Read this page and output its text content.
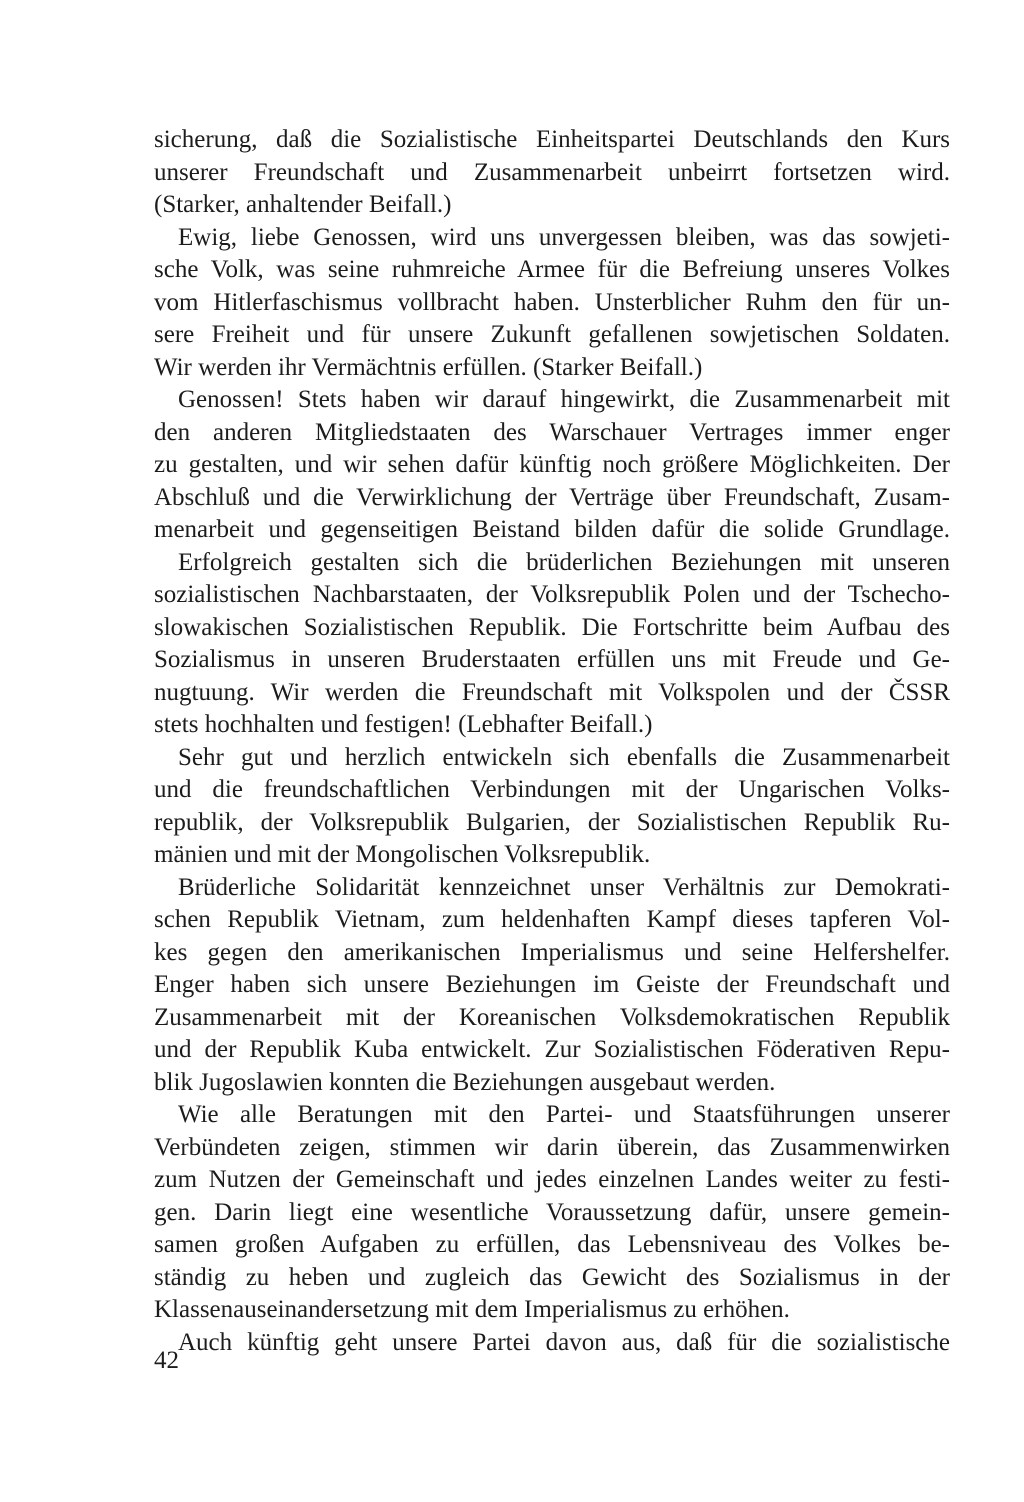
sicherung, daß die Sozialistische Einheitspartei Deutschlands den Kurs
unserer Freundschaft und Zusammenarbeit unbeirrt fortsetzen wird.
(Starker, anhaltender Beifall.)
Ewig, liebe Genossen, wird uns unvergessen bleiben, was das sowjeti-
sche Volk, was seine ruhmreiche Armee für die Befreiung unseres Volkes
vom Hitlerfaschismus vollbracht haben. Unsterblicher Ruhm den für un-
sere Freiheit und für unsere Zukunft gefallenen sowjetischen Soldaten.
Wir werden ihr Vermächtnis erfüllen. (Starker Beifall.)
Genossen! Stets haben wir darauf hingewirkt, die Zusammenarbeit mit
den anderen Mitgliedstaaten des Warschauer Vertrages immer enger
zu gestalten, und wir sehen dafür künftig noch größere Möglichkeiten. Der
Abschluß und die Verwirklichung der Verträge über Freundschaft, Zusam-
menarbeit und gegenseitigen Beistand bilden dafür die solide Grundlage.
Erfolgreich gestalten sich die brüderlichen Beziehungen mit unseren
sozialistischen Nachbarstaaten, der Volksrepublik Polen und der Tschecho-
slowakischen Sozialistischen Republik. Die Fortschritte beim Aufbau des
Sozialismus in unseren Bruderstaaten erfüllen uns mit Freude und Ge-
nugtuung. Wir werden die Freundschaft mit Volkspolen und der ČSSR
stets hochhalten und festigen! (Lebhafter Beifall.)
Sehr gut und herzlich entwickeln sich ebenfalls die Zusammenarbeit
und die freundschaftlichen Verbindungen mit der Ungarischen Volks-
republik, der Volksrepublik Bulgarien, der Sozialistischen Republik Ru-
mänien und mit der Mongolischen Volksrepublik.
Brüderliche Solidarität kennzeichnet unser Verhältnis zur Demokrati-
schen Republik Vietnam, zum heldenhaften Kampf dieses tapferen Vol-
kes gegen den amerikanischen Imperialismus und seine Helfershelfer.
Enger haben sich unsere Beziehungen im Geiste der Freundschaft und
Zusammenarbeit mit der Koreanischen Volksdemokratischen Republik
und der Republik Kuba entwickelt. Zur Sozialistischen Föderativen Repu-
blik Jugoslawien konnten die Beziehungen ausgebaut werden.
Wie alle Beratungen mit den Partei- und Staatsführungen unserer
Verbündeten zeigen, stimmen wir darin überein, das Zusammenwirken
zum Nutzen der Gemeinschaft und jedes einzelnen Landes weiter zu festi-
gen. Darin liegt eine wesentliche Voraussetzung dafür, unsere gemein-
samen großen Aufgaben zu erfüllen, das Lebensniveau des Volkes be-
ständig zu heben und zugleich das Gewicht des Sozialismus in der
Klassenauseinandersetzung mit dem Imperialismus zu erhöhen.
Auch künftig geht unsere Partei davon aus, daß für die sozialistische
42
